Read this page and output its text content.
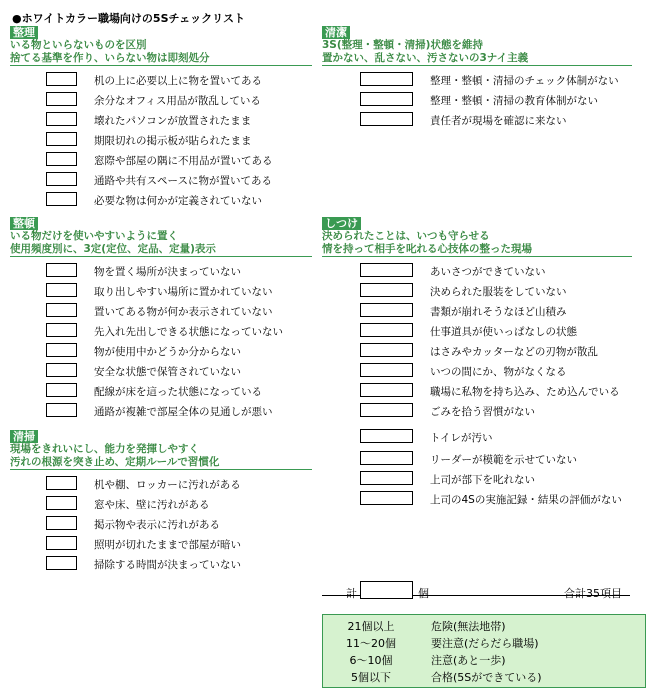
●ホワイトカラー職場向けの5Sチェックリスト
整理
いる物といらないものを区別
捨てる基準を作り、いらない物は即刻処分
机の上に必要以上に物を置いてある
余分なオフィス用品が散乱している
壊れたパソコンが放置されたまま
期限切れの掲示板が貼られたまま
窓際や部屋の隅に不用品が置いてある
通路や共有スペースに物が置いてある
必要な物は何かが定義されていない
整頓
いる物だけを使いやすいように置く
使用頻度別に、3定(定位、定品、定量)表示
物を置く場所が決まっていない
取り出しやすい場所に置かれていない
置いてある物が何か表示されていない
先入れ先出しできる状態になっていない
物が使用中かどうか分からない
安全な状態で保管されていない
配線が床を這った状態になっている
通路が複雑で部屋全体の見通しが悪い
清掃
現場をきれいにし、能力を発揮しやすく
汚れの根源を突き止め、定期ルールで習慣化
机や棚、ロッカーに汚れがある
窓や床、壁に汚れがある
掲示物や表示に汚れがある
照明が切れたままで部屋が暗い
掃除する時間が決まっていない
清潔
3S(整理・整頓・清掃)状態を維持
置かない、乱さない、汚さないの3ナイ主義
整理・整頓・清掃のチェック体制がない
整理・整頓・清掃の教育体制がない
責任者が現場を確認に来ない
しつけ
決められたことは、いつも守らせる
情を持って相手を叱れる心技体の整った現場
あいさつができていない
決められた服装をしていない
書類が崩れそうなほど山積み
仕事道具が使いっぱなしの状態
はさみやカッターなどの刃物が散乱
いつの間にか、物がなくなる
職場に私物を持ち込み、ため込んでいる
ごみを拾う習慣がない
トイレが汚い
リーダーが模範を示せていない
上司が部下を叱れない
上司の4Sの実施記録・結果の評価がない
計	個	合計35項目
21個以上	危険(無法地帯)
11～20個	要注意(だらだら職場)
6～10個	注意(あと一歩)
5個以下	合格(5Sができている)
